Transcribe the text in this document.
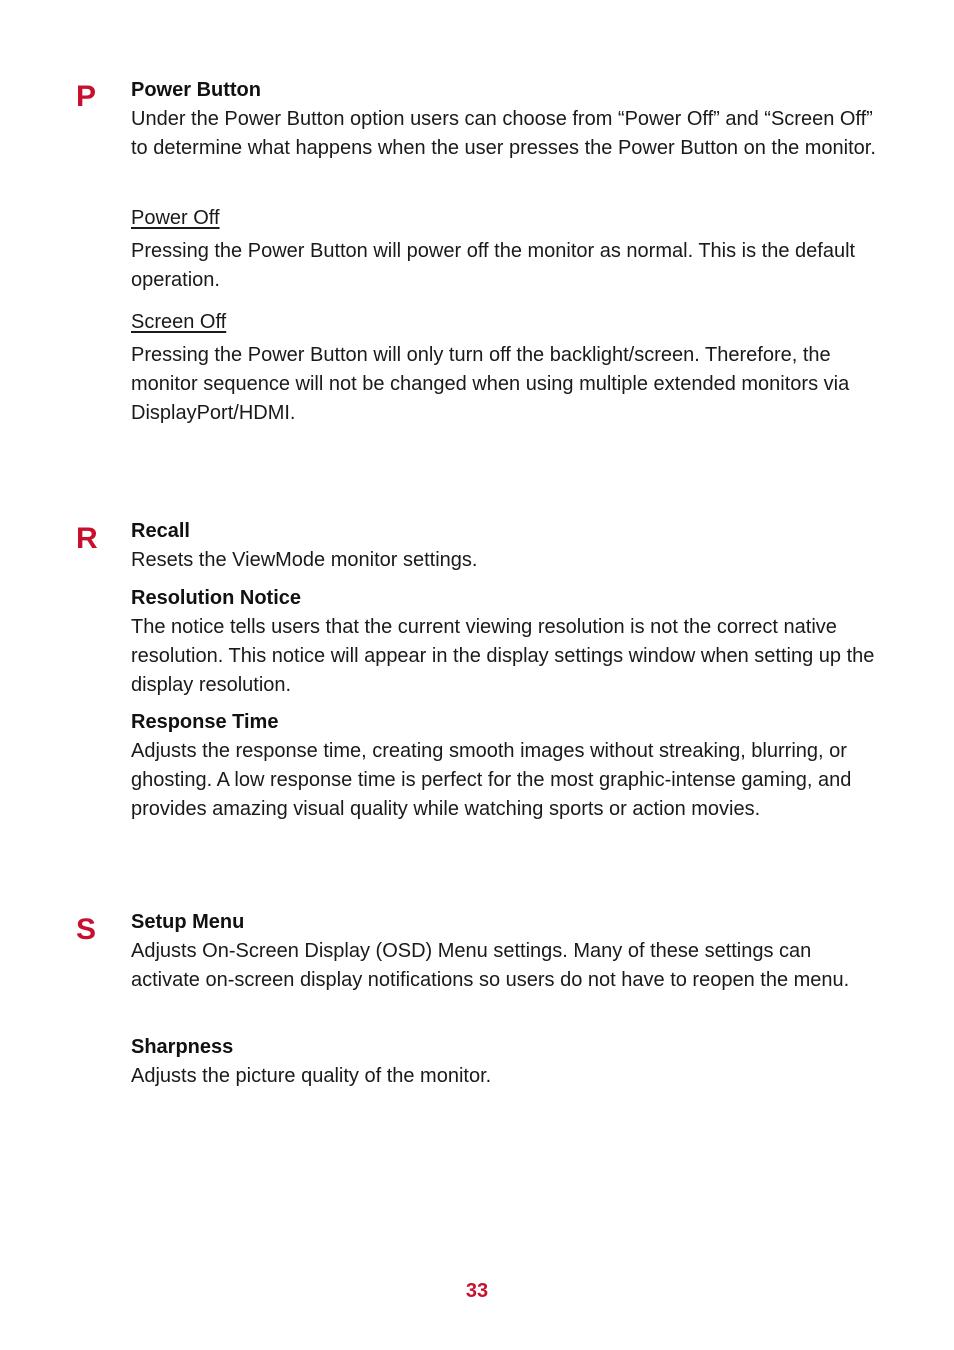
P Power Button

Under the Power Button option users can choose from “Power Off” and “Screen Off” to determine what happens when the user presses the Power Button on the monitor.

Power Off

Pressing the Power Button will power off the monitor as normal. This is the default operation.

Screen Off

Pressing the Power Button will only turn off the backlight/screen. Therefore, the monitor sequence will not be changed when using multiple extended monitors via DisplayPort/HDMI.

R Recall

Resets the ViewMode monitor settings.

Resolution Notice

The notice tells users that the current viewing resolution is not the correct native resolution. This notice will appear in the display settings window when setting up the display resolution.

Response Time

Adjusts the response time, creating smooth images without streaking, blurring, or ghosting. A low response time is perfect for the most graphic-intense gaming, and provides amazing visual quality while watching sports or action movies.

S Setup Menu

Adjusts On-Screen Display (OSD) Menu settings. Many of these settings can activate on-screen display notifications so users do not have to reopen the menu.

Sharpness

Adjusts the picture quality of the monitor.

33
